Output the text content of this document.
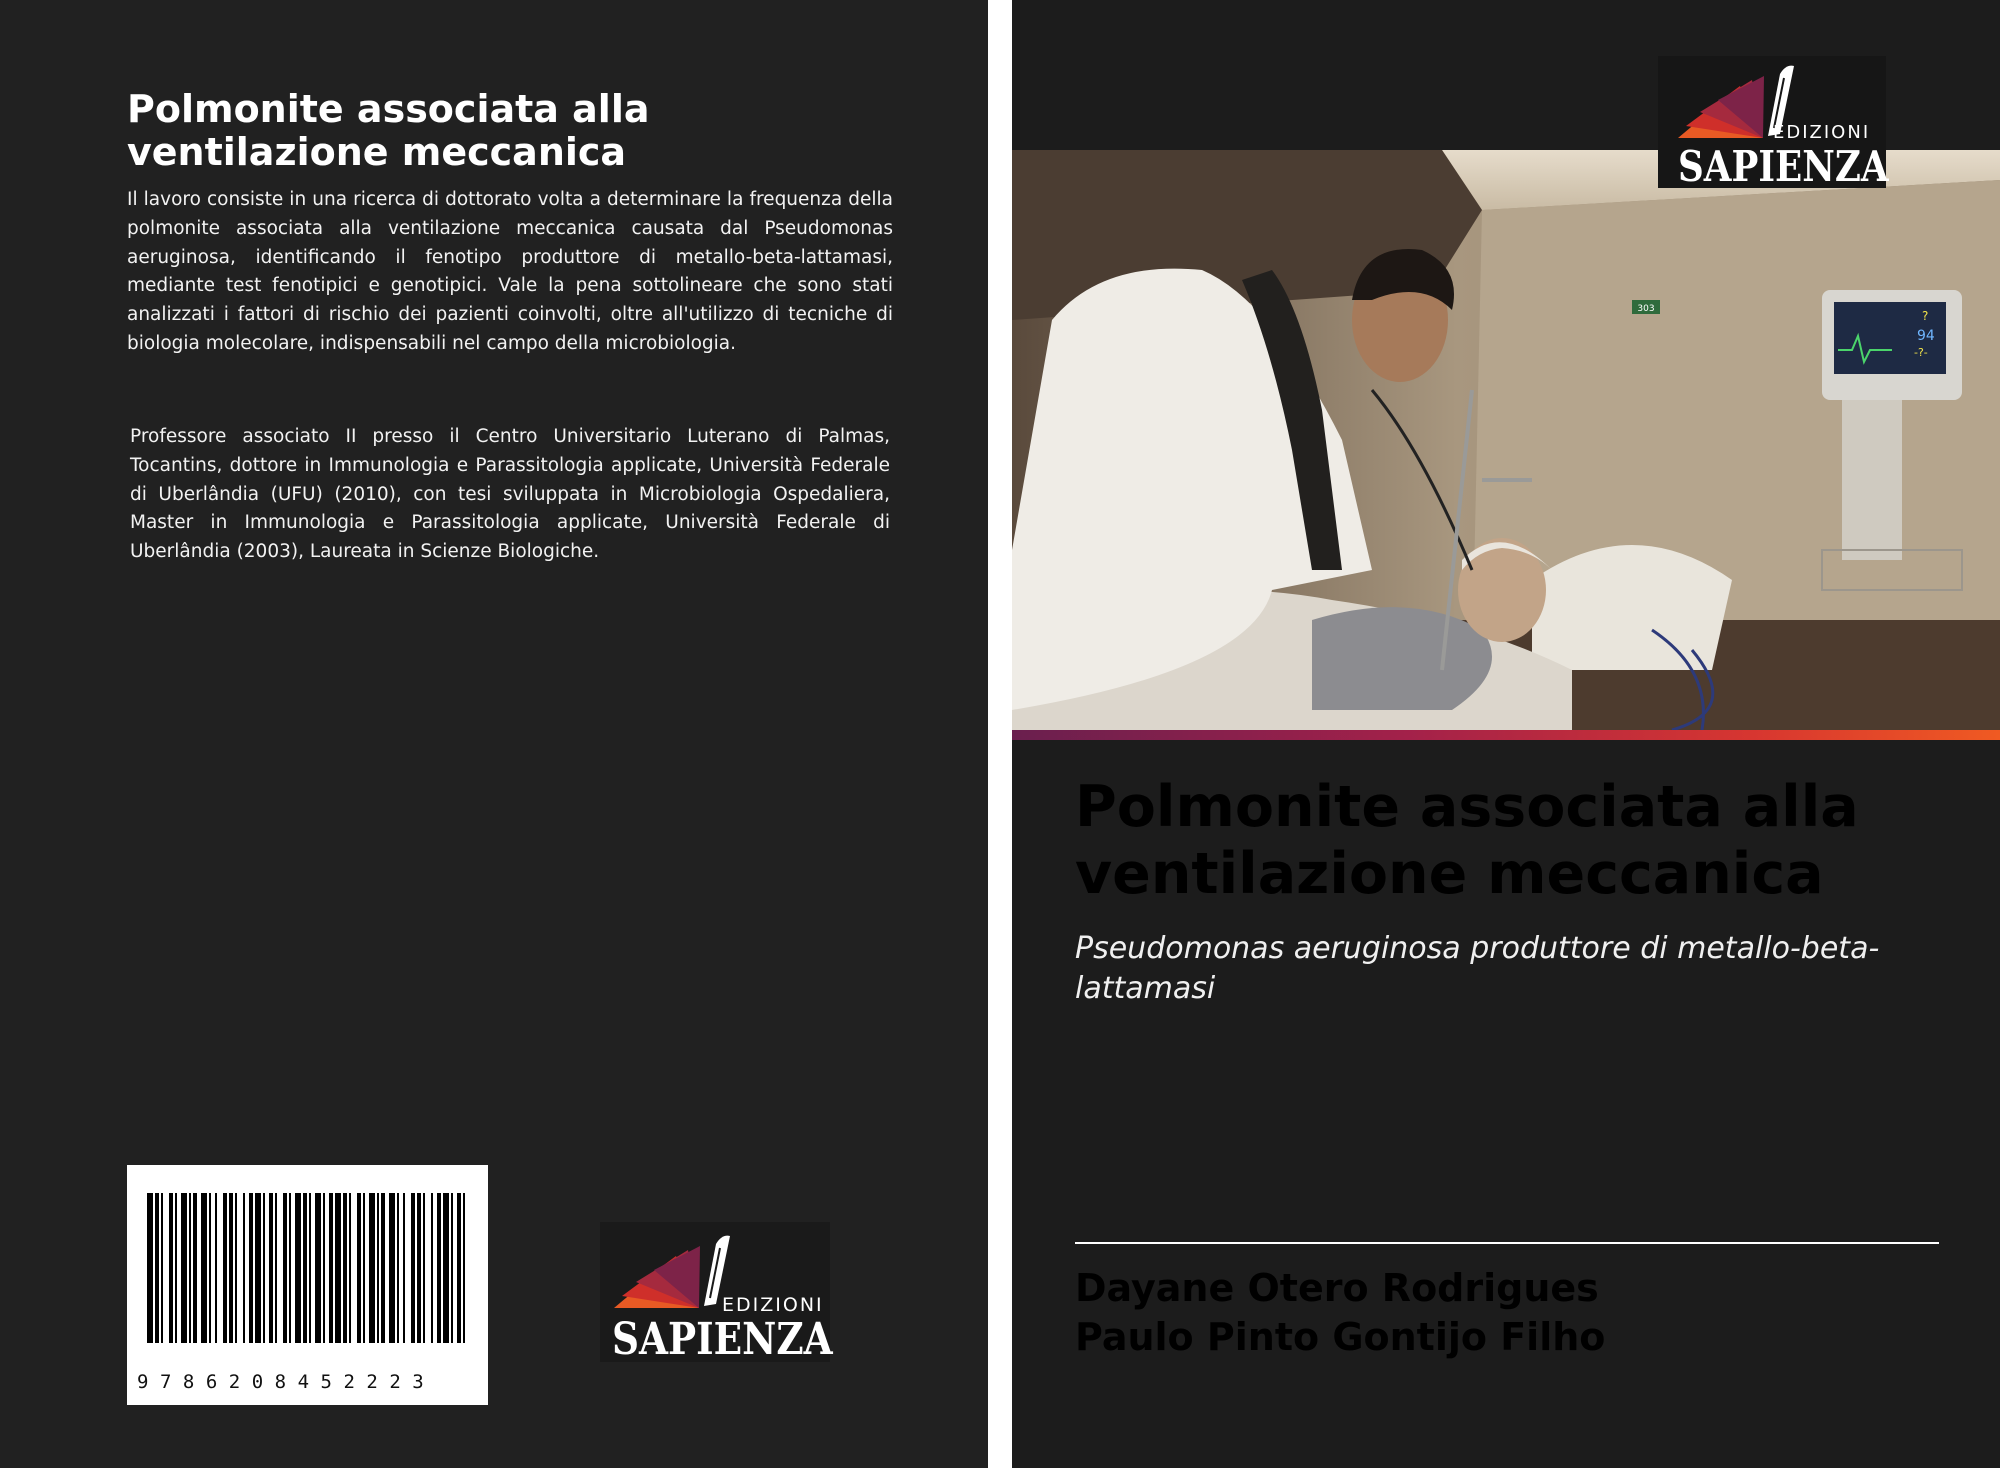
Polmonite associata alla ventilazione meccanica

Il lavoro consiste in una ricerca di dottorato volta a determinare la frequenza della polmonite associata alla ventilazione meccanica causata dal Pseudomonas aeruginosa, identificando il fenotipo produttore di metallo-beta-lattamasi, mediante test fenotipici e genotipici. Vale la pena sottolineare che sono stati analizzati i fattori di rischio dei pazienti coinvolti, oltre all'utilizzo di tecniche di biologia molecolare, indispensabili nel campo della microbiologia.

Professore associato II presso il Centro Universitario Luterano di Palmas, Tocantins, dottore in Immunologia e Parassitologia applicate, Università Federale di Uberlândia (UFU) (2010), con tesi sviluppata in Microbiologia Ospedaliera, Master in Immunologia e Parassitologia applicate, Università Federale di Uberlândia (2003), Laureata in Scienze Biologiche.

9786208452223
EDIZIONI
SAPIENZA
303	?
94
-?-
EDIZIONI
SAPIENZA
Polmonite associata alla ventilazione meccanica

Pseudomonas aeruginosa produttore di metallo-beta-lattamasi

Dayane Otero Rodrigues
Paulo Pinto Gontijo Filho
